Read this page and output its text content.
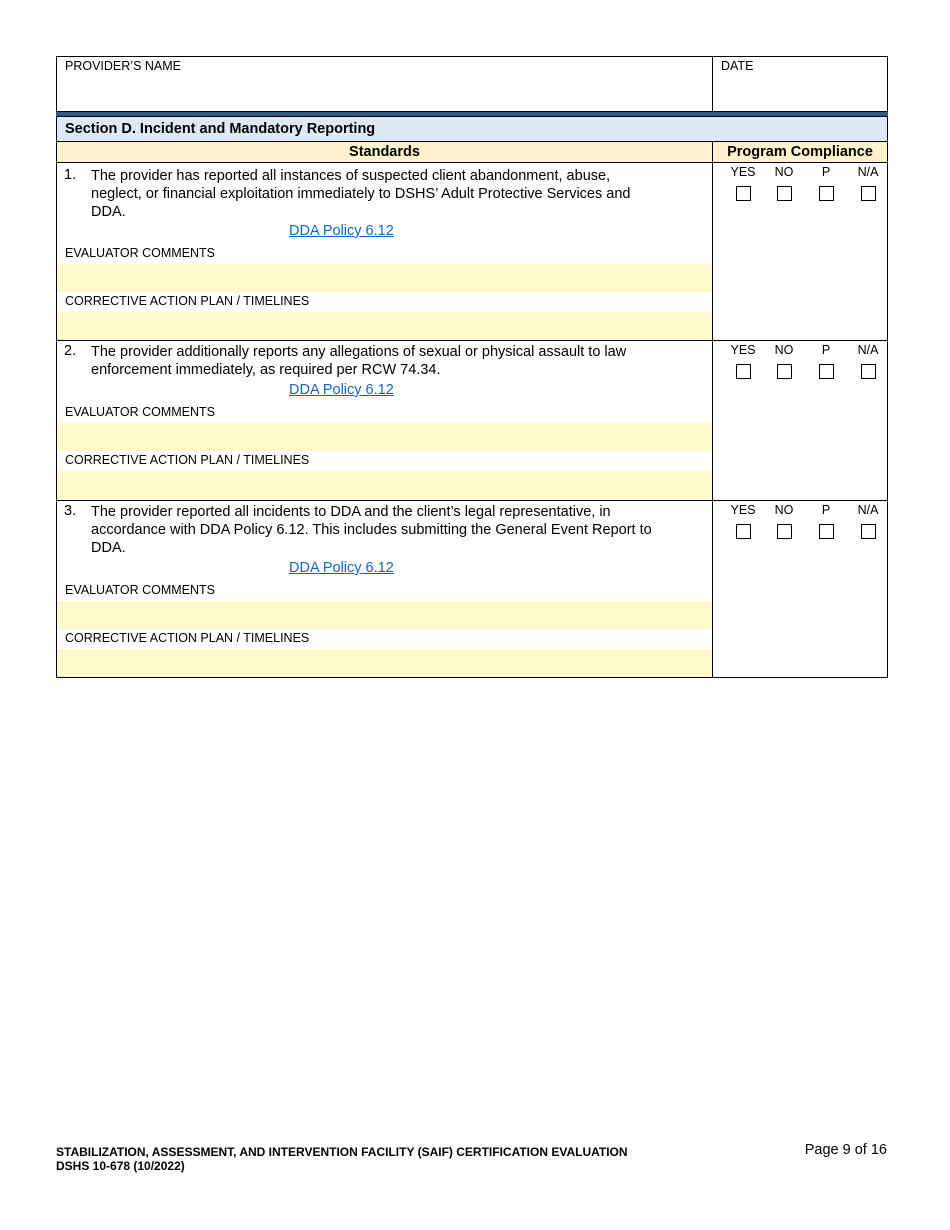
PROVIDER’S NAME	DATE
Section D. Incident and Mandatory Reporting
Standards	Program Compliance
1. The provider has reported all instances of suspected client abandonment, abuse,
neglect, or financial exploitation immediately to DSHS’ Adult Protective Services and
DDA.
DDA Policy 6.12
EVALUATOR COMMENTS
CORRECTIVE ACTION PLAN / TIMELINES
YES	NO	P	N/A
2. The provider additionally reports any allegations of sexual or physical assault to law
enforcement immediately, as required per RCW 74.34.
DDA Policy 6.12
EVALUATOR COMMENTS
CORRECTIVE ACTION PLAN / TIMELINES
YES	NO	P	N/A
3. The provider reported all incidents to DDA and the client’s legal representative, in
accordance with DDA Policy 6.12. This includes submitting the General Event Report to
DDA.
DDA Policy 6.12
EVALUATOR COMMENTS
CORRECTIVE ACTION PLAN / TIMELINES
YES	NO	P	N/A
STABILIZATION, ASSESSMENT, AND INTERVENTION FACILITY (SAIF) CERTIFICATION EVALUATION
DSHS 10-678 (10/2022)
Page 9 of 16
